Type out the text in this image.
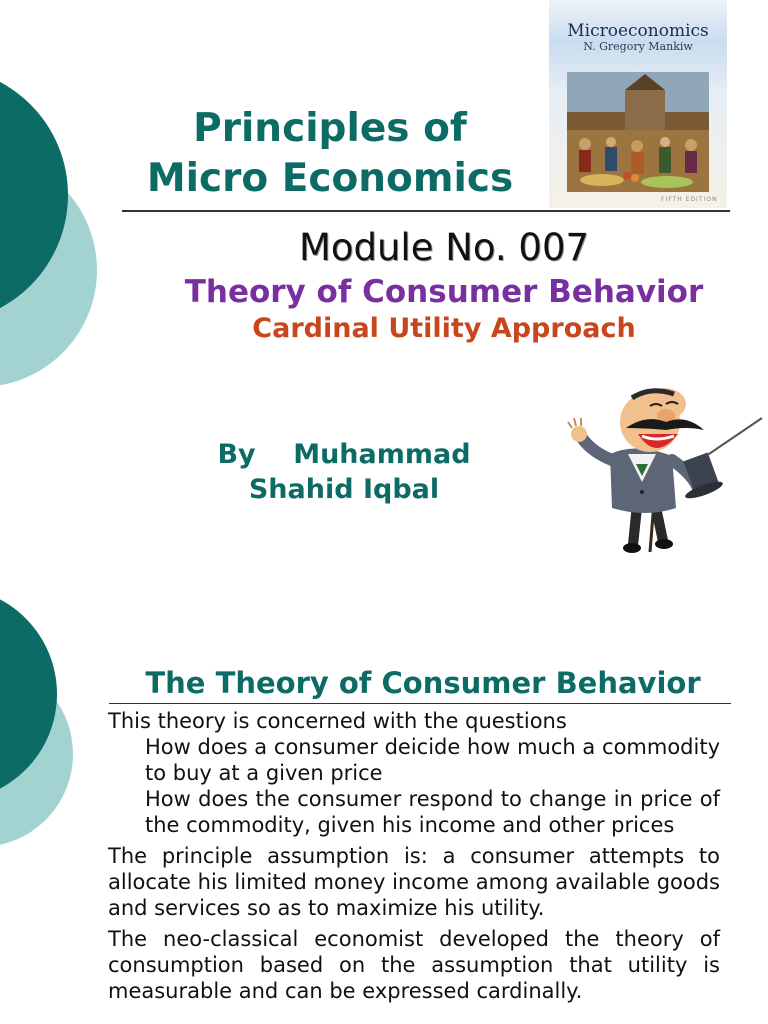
Principles of
Micro Economics
Microeconomics
N. Gregory Mankiw
FIFTH EDITION
Module No. 007
Theory of Consumer Behavior
Cardinal Utility Approach
By    Muhammad
Shahid Iqbal
The Theory of Consumer Behavior

This theory is concerned with the questions

How does a consumer deicide how much a commodity to buy at a given price

How does the consumer respond to change in price of the commodity, given his income and other prices

The principle assumption is: a consumer attempts to allocate his limited money income among available goods and services so as to maximize his utility.

The neo-classical economist developed the theory of consumption based on the assumption that utility is measurable and can be expressed cardinally.
